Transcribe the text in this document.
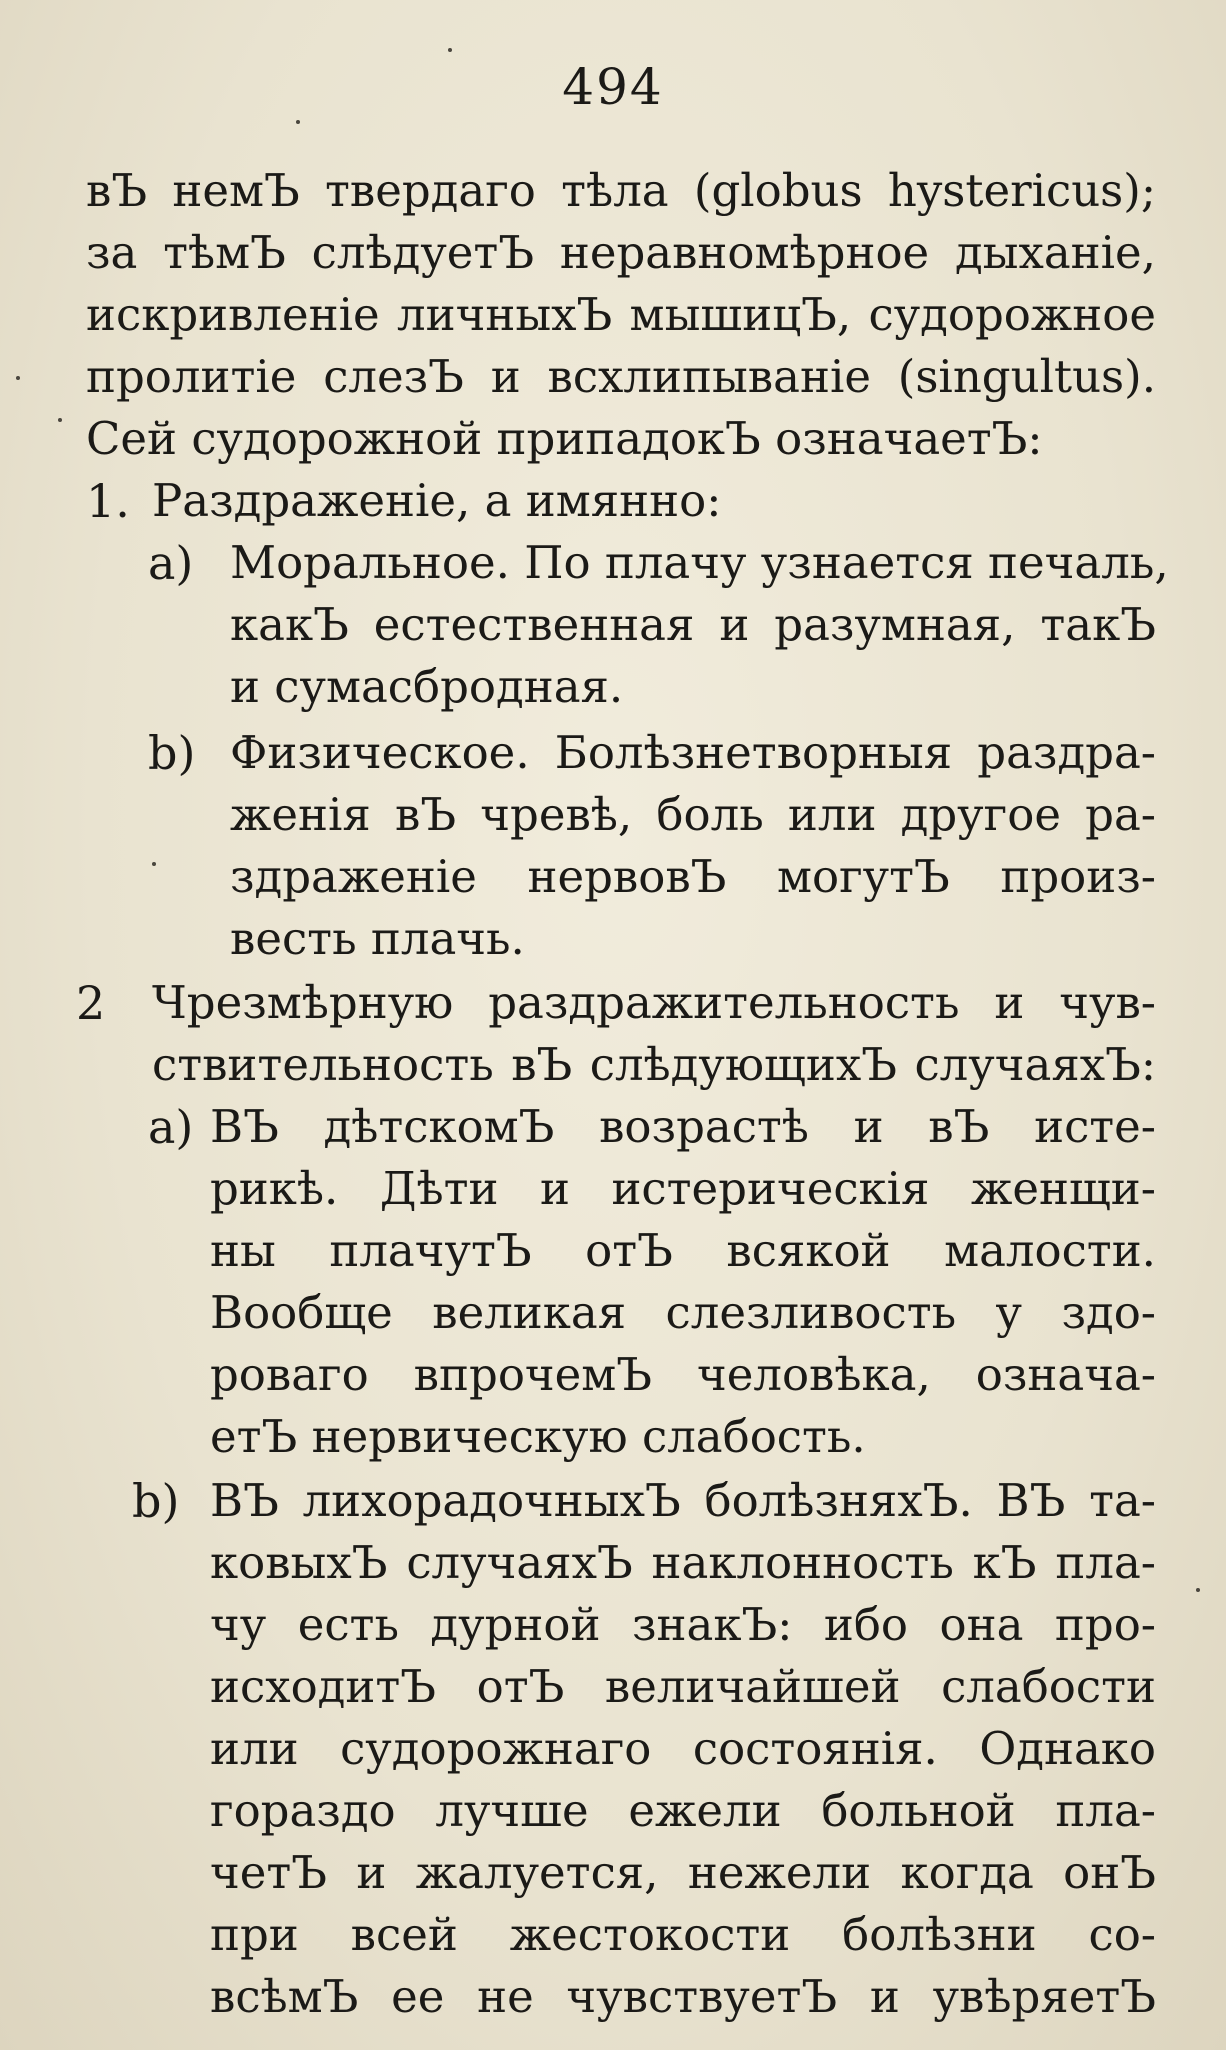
494
вЪ немЪ твердаго тѣла (globus hystericus);
за тѣмЪ слѣдуетЪ неравномѣрное дыханіе,
искривленіе личныхЪ мышицЪ, судорожное
пролитіе слезЪ и всхлипываніе (singultus).
Сей судорожной припадокЪ означаетЪ:
1. Раздраженіе, а имянно:
a) Моральное. По плачу узнается печаль,
какЪ естественная и разумная, такЪ
и сумасбродная.
b) Физическое. Болѣзнетворныя раздра-
женія вЪ чревѣ, боль или другое ра-
здраженіе нервовЪ могутЪ произ-
весть плачь.
2 Чрезмѣрную раздражительность и чув-
ствительность вЪ слѣдующихЪ случаяхЪ:
a) ВЪ дѣтскомЪ возрастѣ и вЪ исте-
рикѣ. Дѣти и истерическія женщи-
ны плачутЪ отЪ всякой малости.
Вообще великая слезливость у здо-
роваго впрочемЪ человѣка, означа-
етЪ нервическую слабость.
b) ВЪ лихорадочныхЪ болѣзняхЪ. ВЪ та-
ковыхЪ случаяхЪ наклонность кЪ пла-
чу есть дурной знакЪ: ибо она про-
исходитЪ отЪ величайшей слабости
или судорожнаго состоянія. Однако
гораздо лучше ежели больной пла-
четЪ и жалуется, нежели когда онЪ
при всей жестокости болѣзни со-
всѣмЪ ее не чувствуетЪ и увѣряетЪ
